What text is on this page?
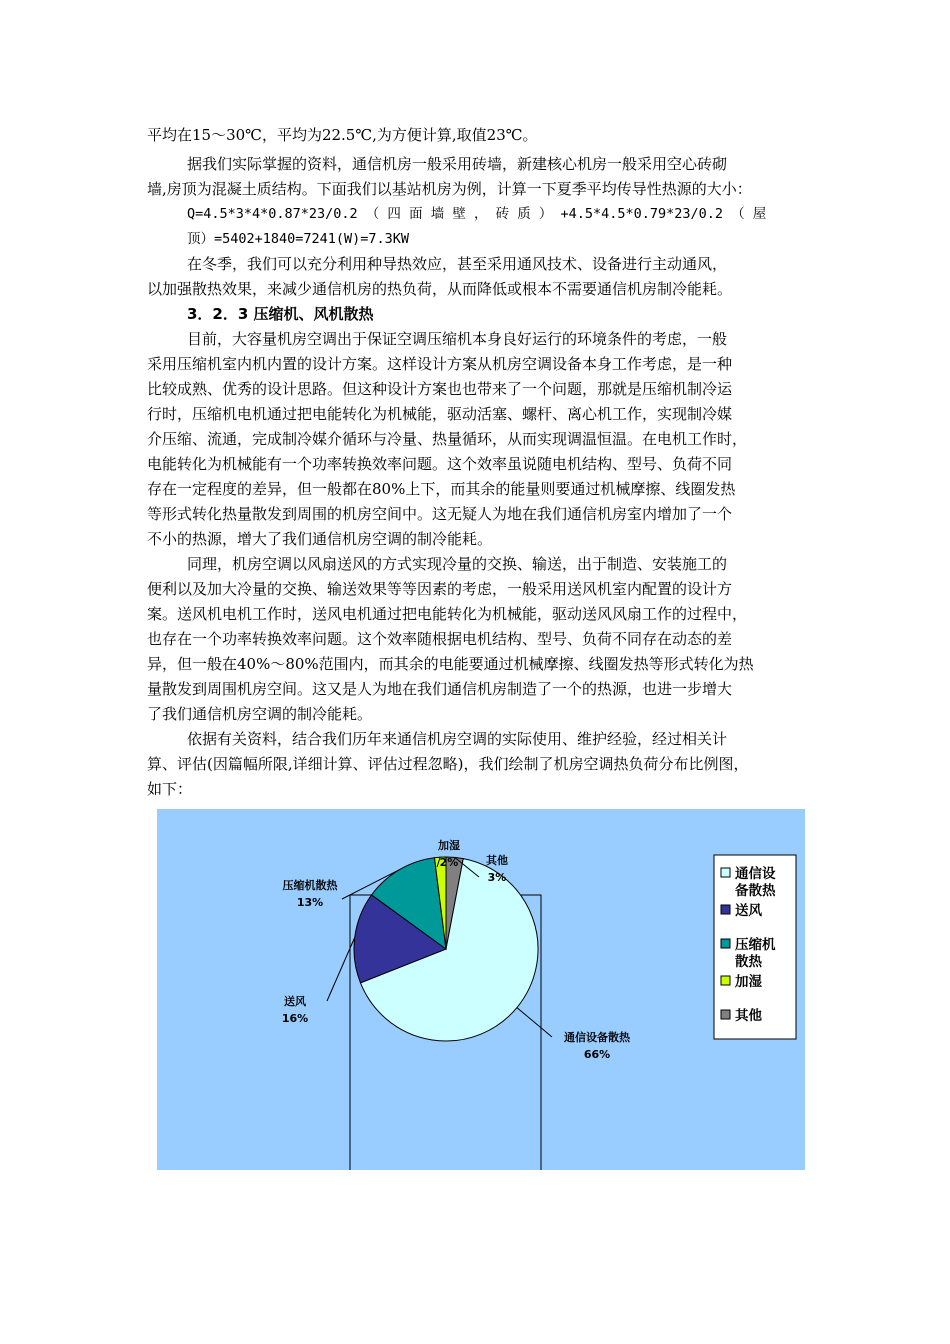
平均在15～30℃，平均为22.5℃,为方便计算,取值23℃。

据我们实际掌握的资料，通信机房一般采用砖墙，新建核心机房一般采用空心砖砌

墙,房顶为混凝土质结构。下面我们以基站机房为例，计算一下夏季平均传导性热源的大小：

Q=4.5*3*4*0.87*23/0.2 （ 四 面 墙 壁 ， 砖 质 ） +4.5*4.5*0.79*23/0.2 （ 屋

顶）=5402+1840=7241(W)=7.3KW

在冬季，我们可以充分利用种导热效应，甚至采用通风技术、设备进行主动通风，

以加强散热效果，来减少通信机房的热负荷，从而降低或根本不需要通信机房制冷能耗。

3．2．3 压缩机、风机散热

目前，大容量机房空调出于保证空调压缩机本身良好运行的环境条件的考虑，一般

采用压缩机室内机内置的设计方案。这样设计方案从机房空调设备本身工作考虑，是一种

比较成熟、优秀的设计思路。但这种设计方案也也带来了一个问题，那就是压缩机制冷运

行时，压缩机电机通过把电能转化为机械能，驱动活塞、螺杆、离心机工作，实现制冷媒

介压缩、流通，完成制冷媒介循环与冷量、热量循环，从而实现调温恒温。在电机工作时，

电能转化为机械能有一个功率转换效率问题。这个效率虽说随电机结构、型号、负荷不同

存在一定程度的差异，但一般都在80%上下，而其余的能量则要通过机械摩擦、线圈发热

等形式转化热量散发到周围的机房空间中。这无疑人为地在我们通信机房室内增加了一个

不小的热源，增大了我们通信机房空调的制冷能耗。

同理，机房空调以风扇送风的方式实现冷量的交换、输送，出于制造、安装施工的

便利以及加大冷量的交换、输送效果等等因素的考虑，一般采用送风机室内配置的设计方

案。送风机电机工作时，送风电机通过把电能转化为机械能，驱动送风风扇工作的过程中，

也存在一个功率转换效率问题。这个效率随根据电机结构、型号、负荷不同存在动态的差

异，但一般在40%～80%范围内，而其余的电能要通过机械摩擦、线圈发热等形式转化为热

量散发到周围机房空间。这又是人为地在我们通信机房制造了一个的热源，也进一步增大

了我们通信机房空调的制冷能耗。

依据有关资料，结合我们历年来通信机房空调的实际使用、维护经验，经过相关计

算、评估(因篇幅所限,详细计算、评估过程忽略)，我们绘制了机房空调热负荷分布比例图，

如下：

通信设备散热
66%
送风
16%
压缩机散热
13%
加湿
2%	其他
3%	通信设
备散热
送风
压缩机
散热
加湿
其他
